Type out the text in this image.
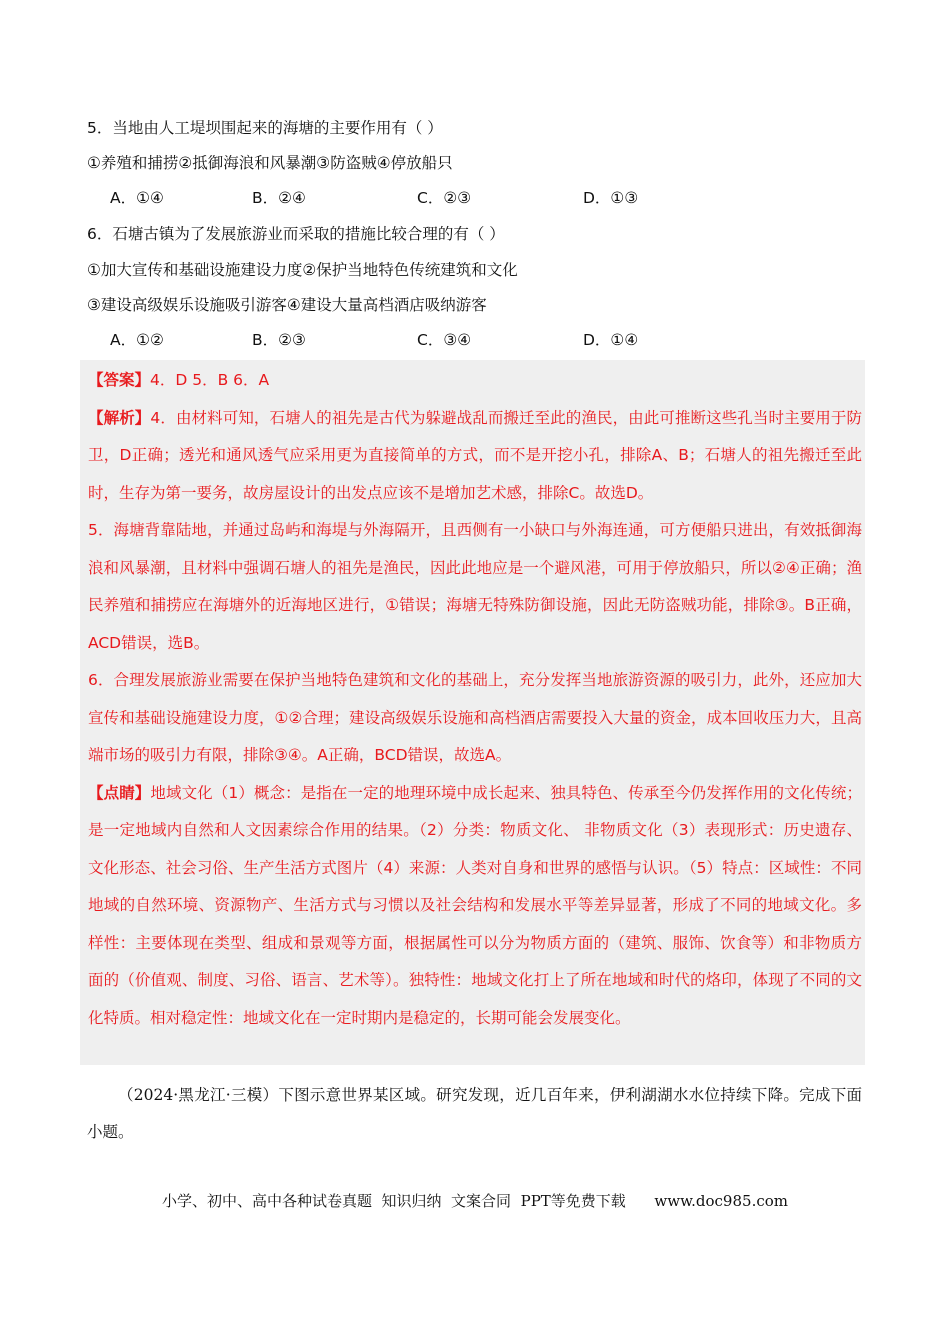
5．当地由人工堤坝围起来的海塘的主要作用有（ ）
①养殖和捕捞②抵御海浪和风暴潮③防盗贼④停放船只
A．①④	B．②④	C．②③	D．①③
6．石塘古镇为了发展旅游业而采取的措施比较合理的有（ ）
①加大宣传和基础设施建设力度②保护当地特色传统建筑和文化
③建设高级娱乐设施吸引游客④建设大量高档酒店吸纳游客
A．①②	B．②③	C．③④	D．①④

【答案】4．D 5．B 6．A

【解析】4．由材料可知，石塘人的祖先是古代为躲避战乱而搬迁至此的渔民，由此可推断这些孔当时主要用于防卫，D正确；透光和通风透气应采用更为直接简单的方式，而不是开挖小孔，排除A、B；石塘人的祖先搬迁至此时，生存为第一要务，故房屋设计的出发点应该不是增加艺术感，排除C。故选D。

5．海塘背靠陆地，并通过岛屿和海堤与外海隔开，且西侧有一小缺口与外海连通，可方便船只进出，有效抵御海浪和风暴潮，且材料中强调石塘人的祖先是渔民，因此此地应是一个避风港，可用于停放船只，所以②④正确；渔民养殖和捕捞应在海塘外的近海地区进行，①错误；海塘无特殊防御设施，因此无防盗贼功能，排除③。B正确，ACD错误，选B。

6．合理发展旅游业需要在保护当地特色建筑和文化的基础上，充分发挥当地旅游资源的吸引力，此外，还应加大宣传和基础设施建设力度，①②合理；建设高级娱乐设施和高档酒店需要投入大量的资金，成本回收压力大，且高端市场的吸引力有限，排除③④。A正确，BCD错误，故选A。

【点睛】地域文化（1）概念：是指在一定的地理环境中成长起来、独具特色、传承至今仍发挥作用的文化传统；是一定地域内自然和人文因素综合作用的结果。（2）分类：物质文化、 非物质文化（3）表现形式：历史遗存、文化形态、社会习俗、生产生活方式图片（4）来源：人类对自身和世界的感悟与认识。（5）特点：区域性：不同地域的自然环境、资源物产、生活方式与习惯以及社会结构和发展水平等差异显著，形成了不同的地域文化。多样性：主要体现在类型、组成和景观等方面，根据属性可以分为物质方面的（建筑、服饰、饮食等）和非物质方面的（价值观、制度、习俗、语言、艺术等）。独特性：地域文化打上了所在地域和时代的烙印，体现了不同的文化特质。相对稳定性：地域文化在一定时期内是稳定的，长期可能会发展变化。

（2024·黑龙江·三模）下图示意世界某区域。研究发现，近几百年来，伊利湖湖水水位持续下降。完成下面小题。
小学、初中、高中各种试卷真题  知识归纳  文案合同  PPT等免费下载      www.doc985.com
